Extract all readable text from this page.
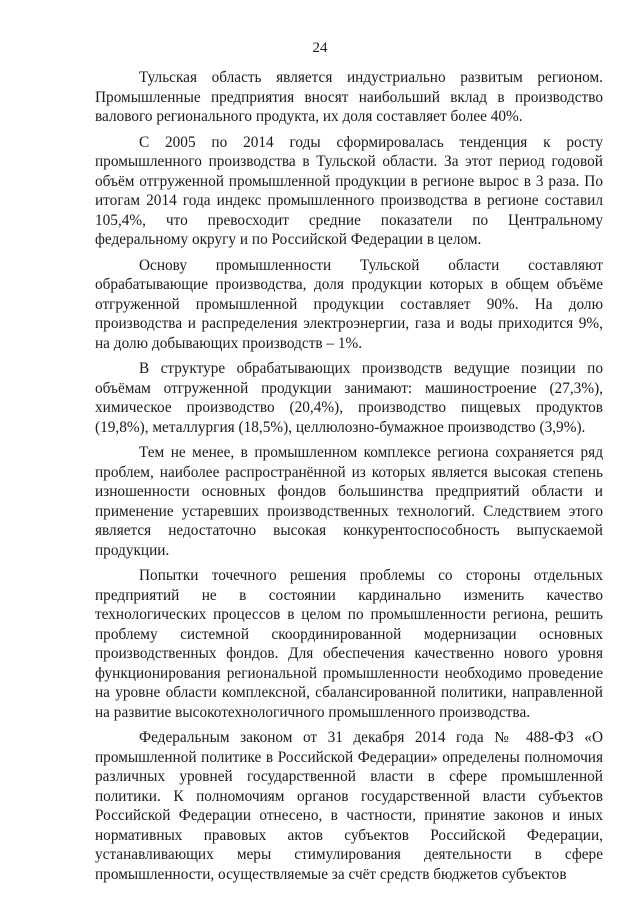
24

Тульская область является индустриально развитым регионом. Промышленные предприятия вносят наибольший вклад в производство валового регионального продукта, их доля составляет более 40%.

С 2005 по 2014 годы сформировалась тенденция к росту промышленного производства в Тульской области. За этот период годовой объём отгруженной промышленной продукции в регионе вырос в 3 раза. По итогам 2014 года индекс промышленного производства в регионе составил 105,4%, что превосходит средние показатели по Центральному федеральному округу и по Российской Федерации в целом.

Основу промышленности Тульской области составляют обрабатывающие производства, доля продукции которых в общем объёме отгруженной промышленной продукции составляет 90%. На долю производства и распределения электроэнергии, газа и воды приходится 9%, на долю добывающих производств – 1%.

В структуре обрабатывающих производств ведущие позиции по объёмам отгруженной продукции занимают: машиностроение (27,3%), химическое производство (20,4%), производство пищевых продуктов (19,8%), металлургия (18,5%), целлюлозно-бумажное производство (3,9%).

Тем не менее, в промышленном комплексе региона сохраняется ряд проблем, наиболее распространённой из которых является высокая степень изношенности основных фондов большинства предприятий области и применение устаревших производственных технологий. Следствием этого является недостаточно высокая конкурентоспособность выпускаемой продукции.

Попытки точечного решения проблемы со стороны отдельных предприятий не в состоянии кардинально изменить качество технологических процессов в целом по промышленности региона, решить проблему системной скоординированной модернизации основных производственных фондов. Для обеспечения качественно нового уровня функционирования региональной промышленности необходимо проведение на уровне области комплексной, сбалансированной политики, направленной на развитие высокотехнологичного промышленного производства.

Федеральным законом от 31 декабря 2014 года № 488-ФЗ «О промышленной политике в Российской Федерации» определены полномочия различных уровней государственной власти в сфере промышленной политики. К полномочиям органов государственной власти субъектов Российской Федерации отнесено, в частности, принятие законов и иных нормативных правовых актов субъектов Российской Федерации, устанавливающих меры стимулирования деятельности в сфере промышленности, осуществляемые за счёт средств бюджетов субъектов
